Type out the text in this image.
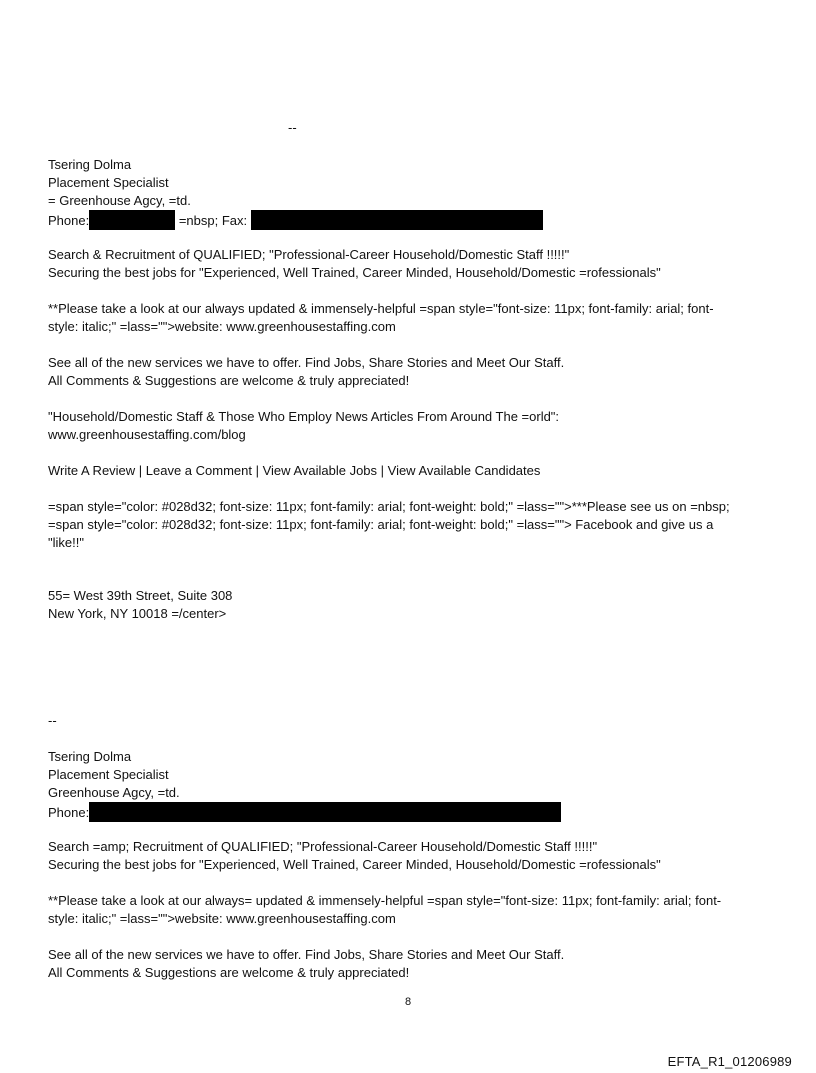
--
Tsering Dolma
Placement Specialist
= Greenhouse Agcy, =td.
Phone:	=nbsp; Fax:
Search & Recruitment of QUALIFIED; "Professional-Career Household/Domestic Staff !!!!!"
Securing the best jobs for "Experienced, Well Trained, Career Minded, Household/Domestic =rofessionals"
**Please take a look at our always updated & immensely-helpful =span style="font-size: 11px; font-family: arial; font-
style: italic;" =lass="">website: www.greenhousestaffing.com
See all of the new services we have to offer. Find Jobs, Share Stories and Meet Our Staff.
All Comments & Suggestions are welcome & truly appreciated!
"Household/Domestic Staff & Those Who Employ News Articles From Around The =orld":
www.greenhousestaffing.com/blog
Write A Review | Leave a Comment | View Available Jobs | View Available Candidates
=span style="color: #028d32; font-size: 11px; font-family: arial; font-weight: bold;" =lass="">***Please see us on =nbsp;
=span style="color: #028d32; font-size: 11px; font-family: arial; font-weight: bold;" =lass=""> Facebook and give us a
"like!!"
55= West 39th Street, Suite 308
New York, NY 10018 =/center>
--
Tsering Dolma
Placement Specialist
Greenhouse Agcy, =td.
Phone:
Search =amp; Recruitment of QUALIFIED; "Professional-Career Household/Domestic Staff !!!!!"
Securing the best jobs for "Experienced, Well Trained, Career Minded, Household/Domestic =rofessionals"
**Please take a look at our always= updated & immensely-helpful =span style="font-size: 11px; font-family: arial; font-
style: italic;" =lass="">website: www.greenhousestaffing.com
See all of the new services we have to offer. Find Jobs, Share Stories and Meet Our Staff.
All Comments & Suggestions are welcome & truly appreciated!
8
EFTA_R1_01206989
